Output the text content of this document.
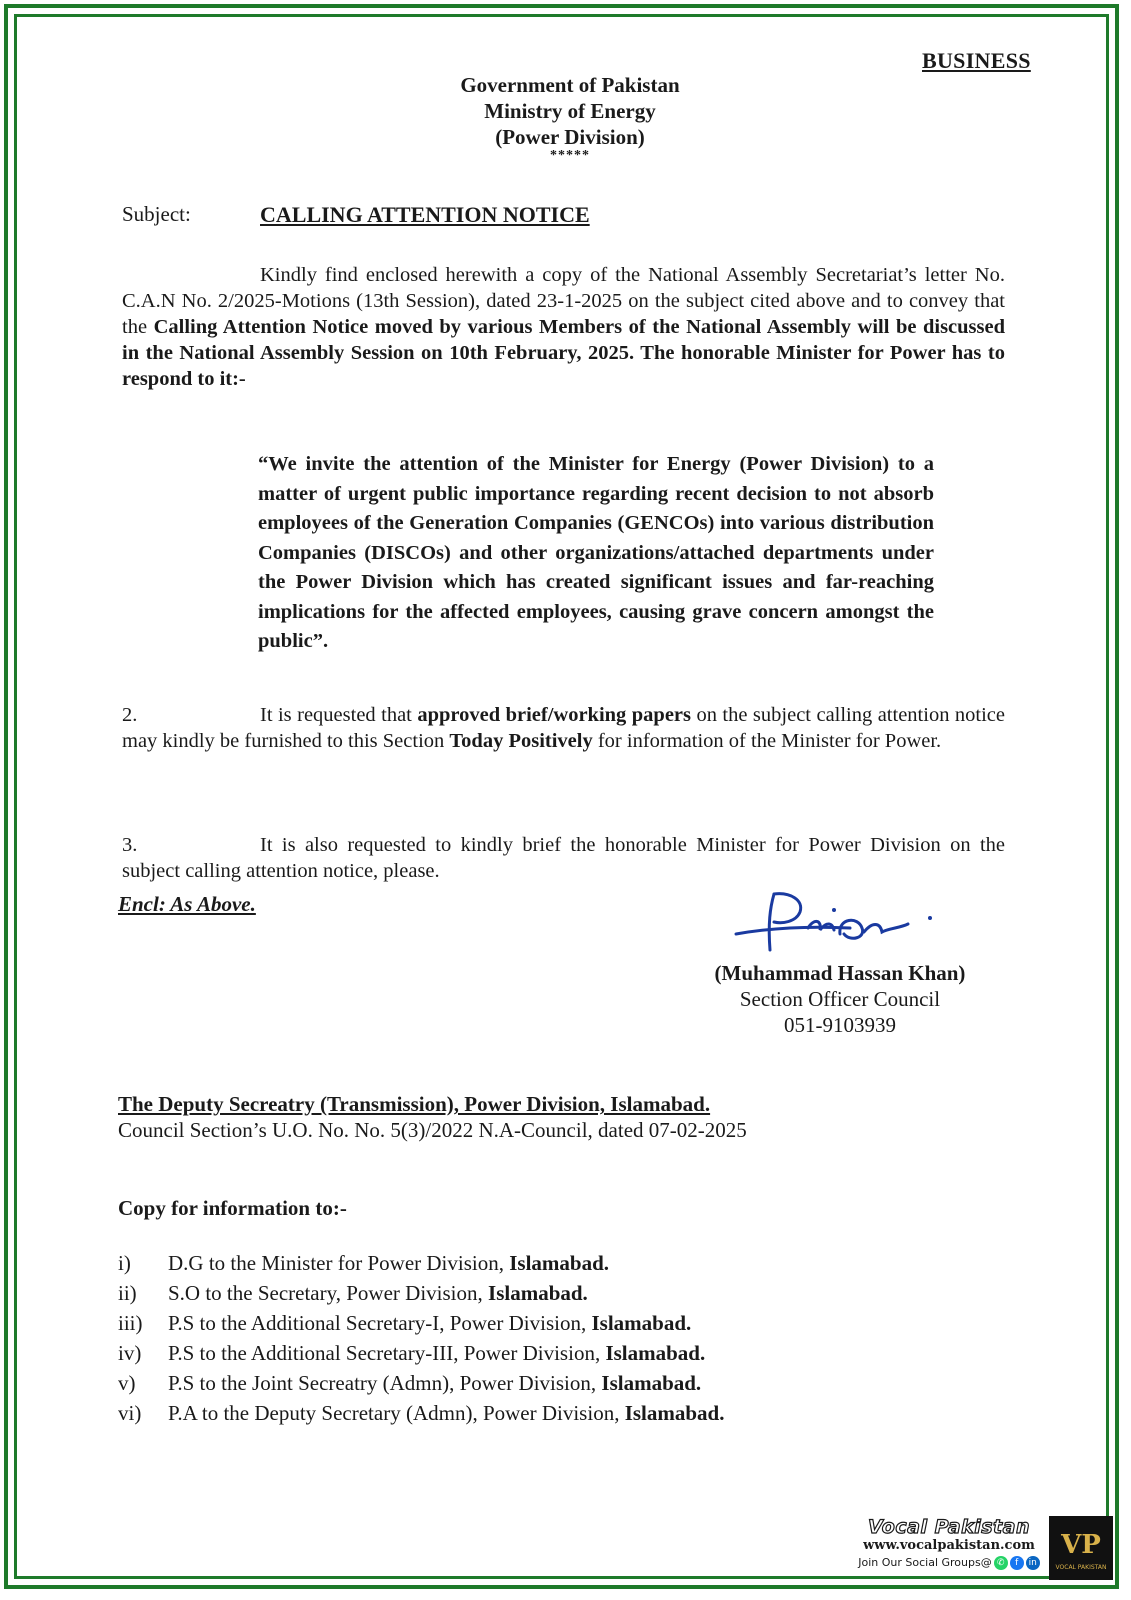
BUSINESS
Government of Pakistan
Ministry of Energy
(Power Division)
*****
Subject:	CALLING ATTENTION NOTICE
Kindly find enclosed herewith a copy of the National Assembly Secretariat’s letter No. C.A.N No. 2/2025-Motions (13th Session), dated 23-1-2025 on the subject cited above and to convey that the Calling Attention Notice moved by various Members of the National Assembly will be discussed in the National Assembly Session on 10th February, 2025. The honorable Minister for Power has to respond to it:-
“We invite the attention of the Minister for Energy (Power Division) to a matter of urgent public importance regarding recent decision to not absorb employees of the Generation Companies (GENCOs) into various distribution Companies (DISCOs) and other organizations/attached departments under the Power Division which has created significant issues and far-reaching implications for the affected employees, causing grave concern amongst the public”.
2.	It is requested that approved brief/working papers on the subject calling attention notice may kindly be furnished to this Section Today Positively for information of the Minister for Power.
3.	It is also requested to kindly brief the honorable Minister for Power Division on the subject calling attention notice, please.
Encl: As Above.
(Muhammad Hassan Khan)
Section Officer Council
051-9103939
The Deputy Secreatry (Transmission), Power Division, Islamabad.
Council Section’s U.O. No. No. 5(3)/2022 N.A-Council, dated 07-02-2025
Copy for information to:-
i) D.G to the Minister for Power Division, Islamabad.
ii) S.O to the Secretary, Power Division, Islamabad.
iii) P.S to the Additional Secretary-I, Power Division, Islamabad.
iv) P.S to the Additional Secretary-III, Power Division, Islamabad.
v) P.S to the Joint Secreatry (Admn), Power Division, Islamabad.
vi) P.A to the Deputy Secretary (Admn), Power Division, Islamabad.
Vocal Pakistan
www.vocalpakistan.com
Join Our Social Groups@ ✆ f in
VP
VOCAL PAKISTAN
